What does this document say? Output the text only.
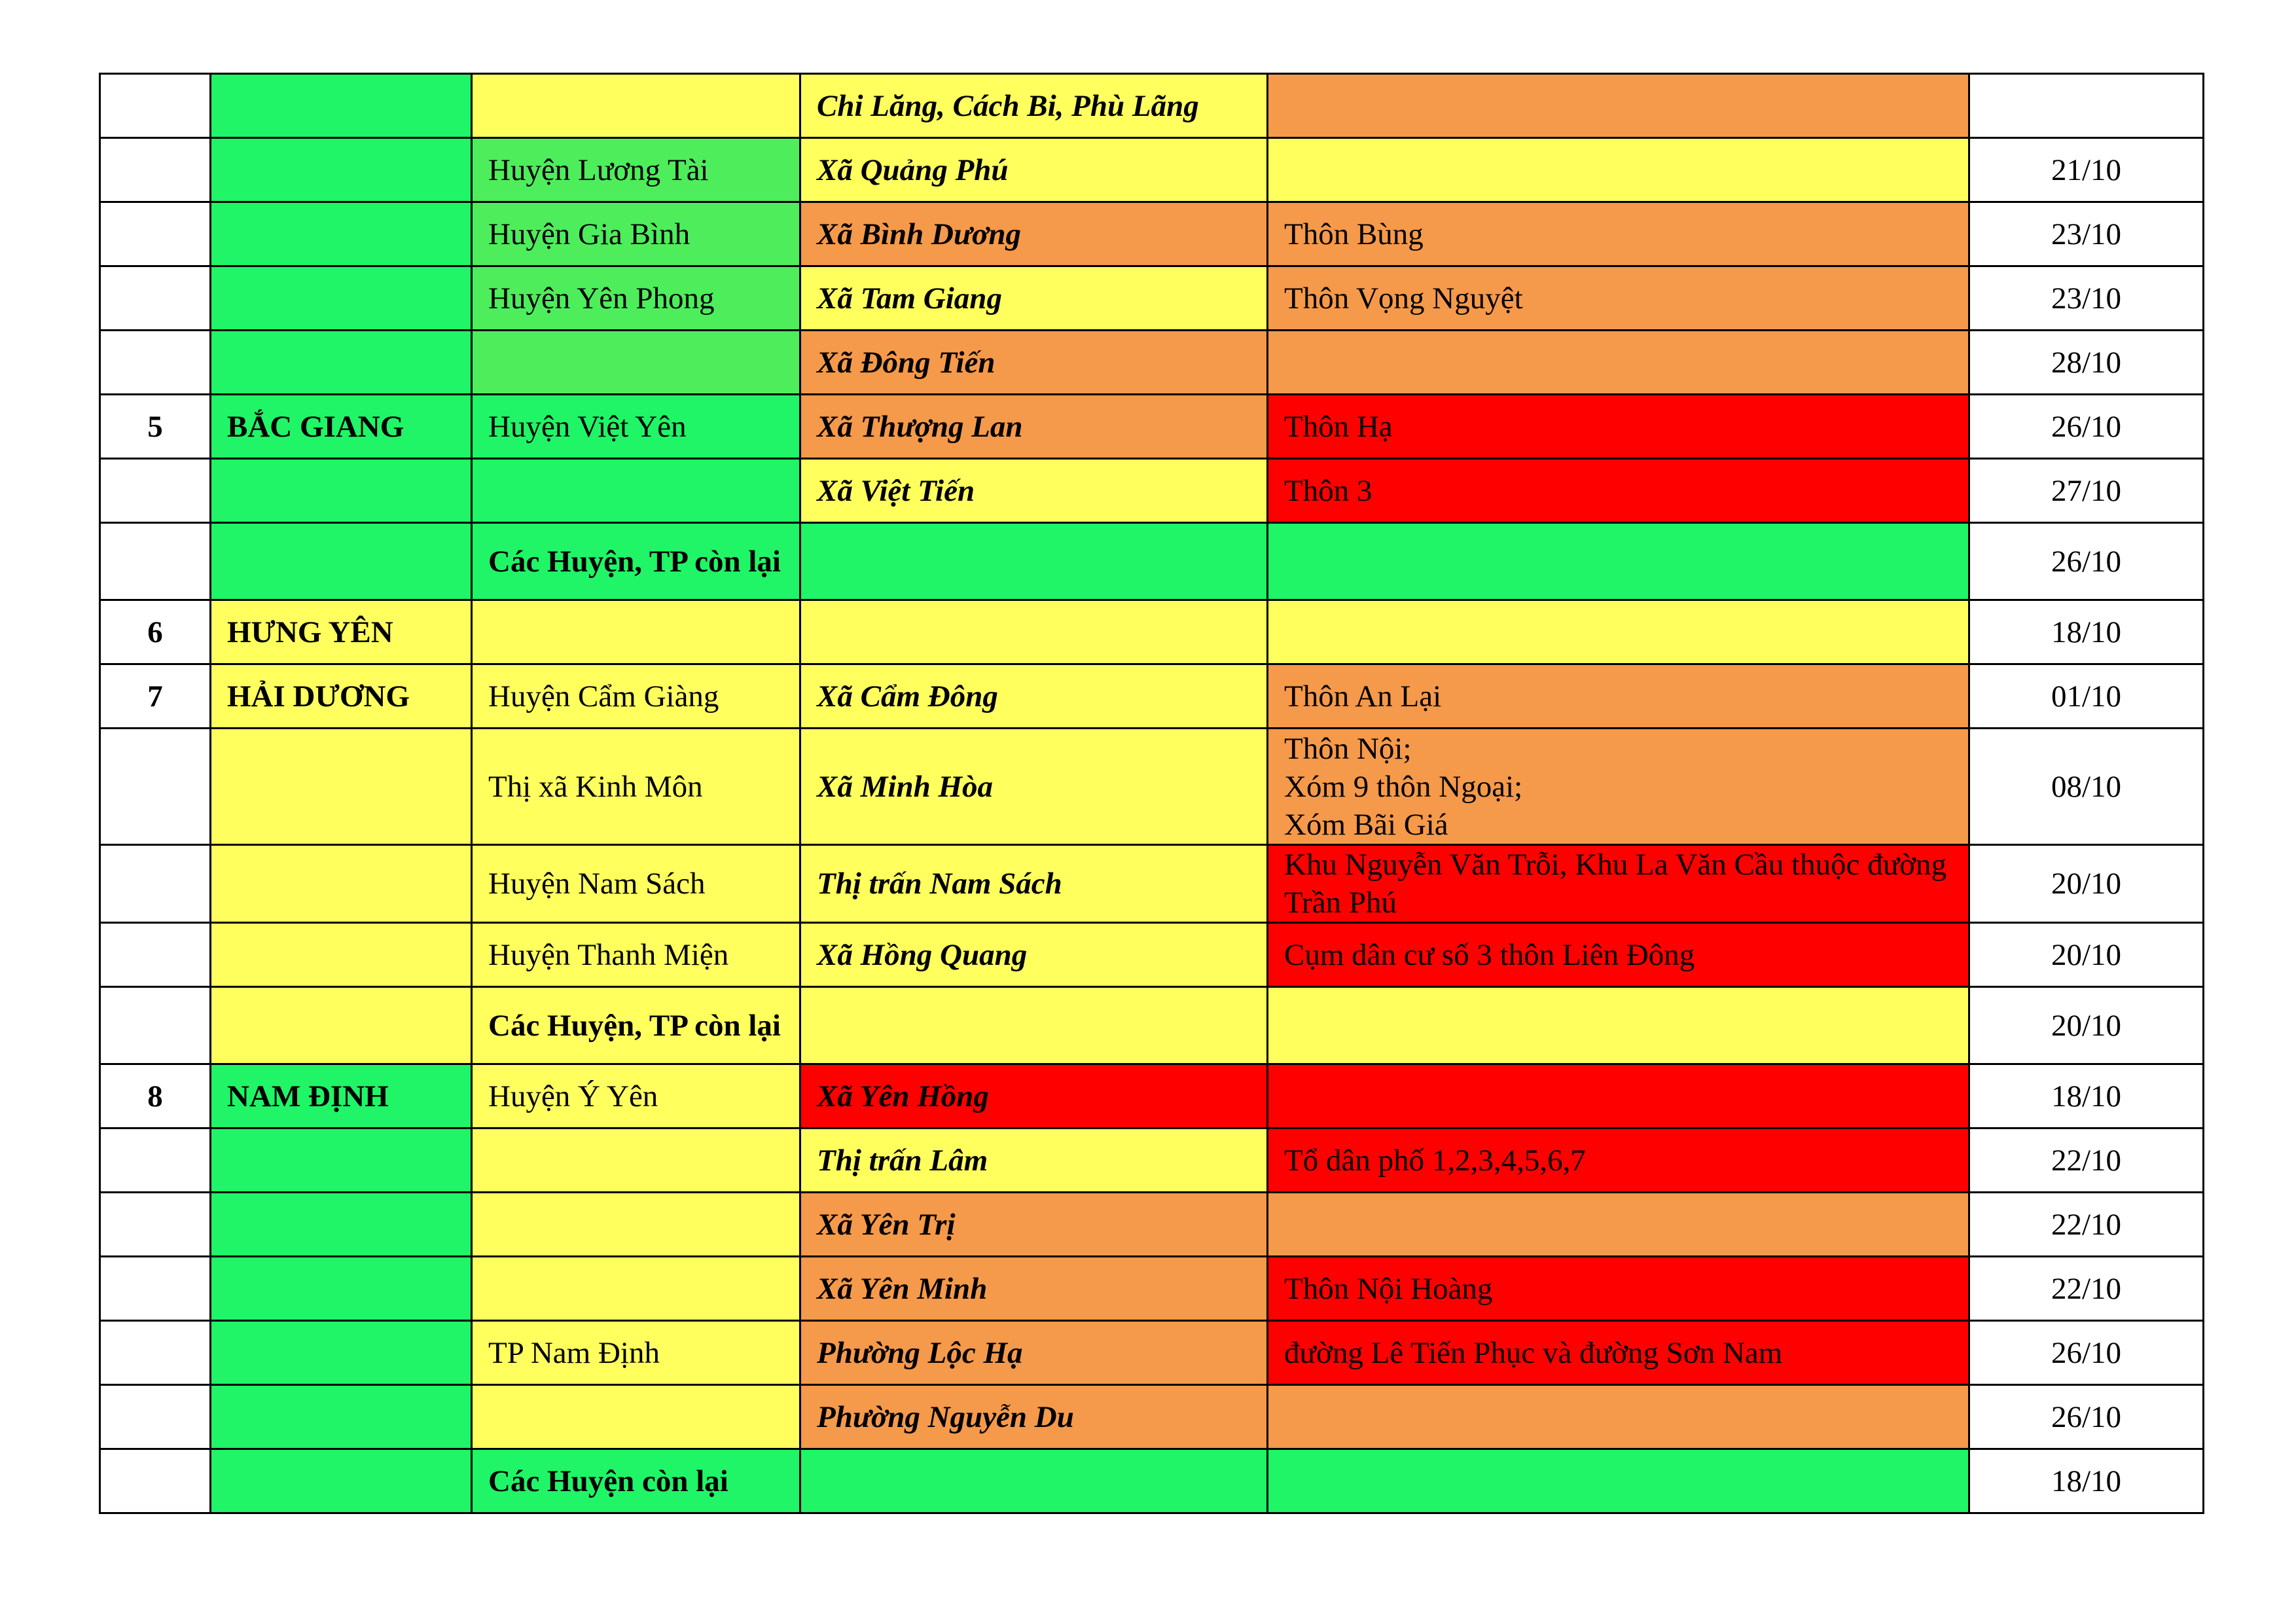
			Chi Lăng, Cách Bi, Phù Lãng		
		Huyện Lương Tài	Xã Quảng Phú		21/10
		Huyện Gia Bình	Xã Bình Dương	Thôn Bùng	23/10
		Huyện Yên Phong	Xã Tam Giang	Thôn Vọng Nguyệt	23/10
			Xã Đông Tiến		28/10
5	BẮC GIANG	Huyện Việt Yên	Xã Thượng Lan	Thôn Hạ	26/10
			Xã Việt Tiến	Thôn 3	27/10
		Các Huyện, TP còn lại			26/10
6	HƯNG YÊN				18/10
7	HẢI DƯƠNG	Huyện Cẩm Giàng	Xã Cẩm Đông	Thôn An Lại	01/10
		Thị xã Kinh Môn	Xã Minh Hòa	Thôn Nội;
Xóm 9 thôn Ngoại;
Xóm Bãi Giá	08/10
		Huyện Nam Sách	Thị trấn Nam Sách	Khu Nguyễn Văn Trỗi, Khu La Văn Cầu thuộc đường Trần Phú	20/10
		Huyện Thanh Miện	Xã Hồng Quang	Cụm dân cư số 3 thôn Liên Đông	20/10
		Các Huyện, TP còn lại			20/10
8	NAM ĐỊNH	Huyện Ý Yên	Xã Yên Hồng		18/10
			Thị trấn Lâm	Tổ dân phố 1,2,3,4,5,6,7	22/10
			Xã Yên Trị		22/10
			Xã Yên Minh	Thôn Nội Hoàng	22/10
		TP Nam Định	Phường Lộc Hạ	đường Lê Tiến Phục và đường Sơn Nam	26/10
			Phường Nguyễn Du		26/10
		Các Huyện còn lại			18/10
